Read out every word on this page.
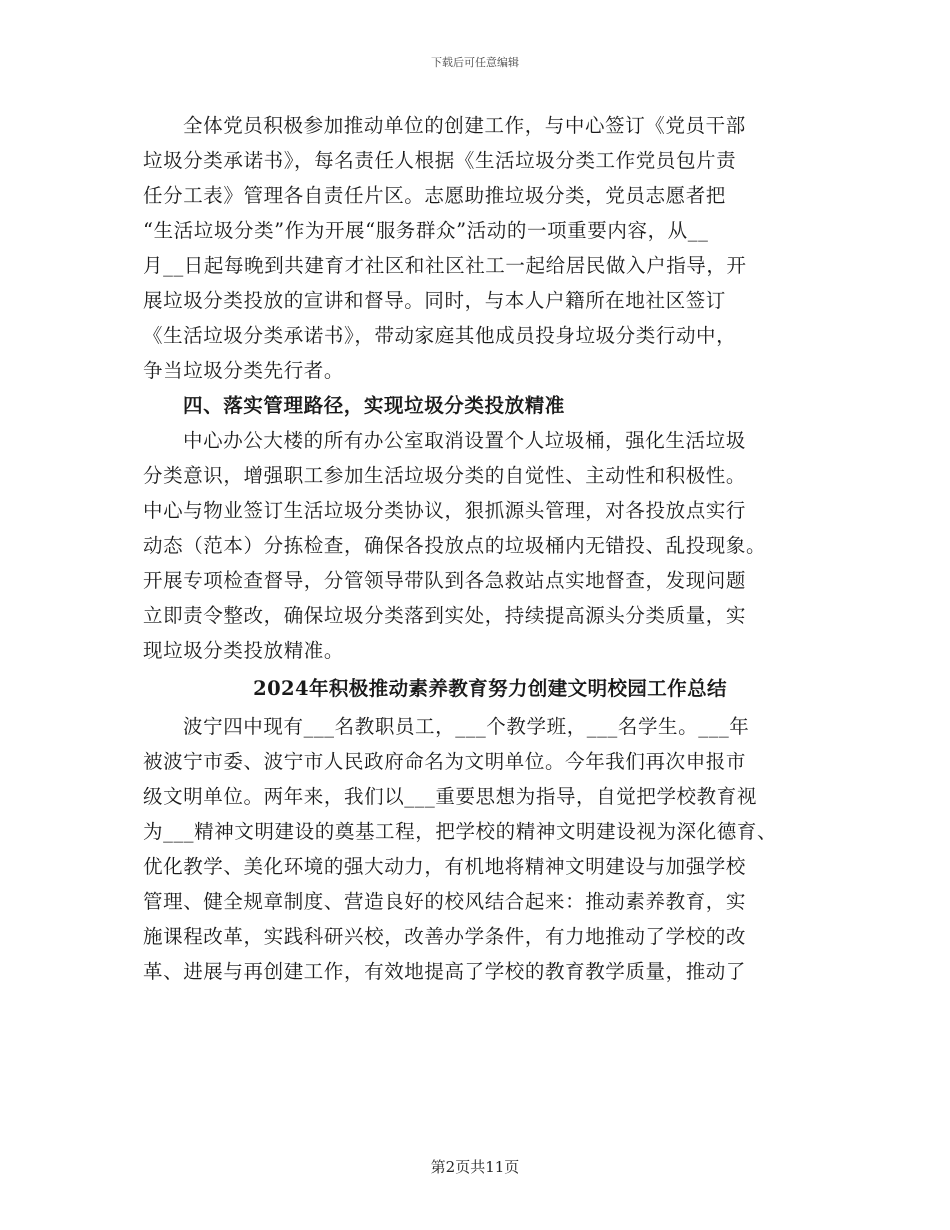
下载后可任意编辑
全体党员积极参加推动单位的创建工作，与中心签订《党员干部
垃圾分类承诺书》，每名责任人根据《生活垃圾分类工作党员包片责
任分工表》管理各自责任片区。志愿助推垃圾分类，党员志愿者把
“生活垃圾分类”作为开展“服务群众”活动的一项重要内容，从__
月__日起每晚到共建育才社区和社区社工一起给居民做入户指导，开
展垃圾分类投放的宣讲和督导。同时，与本人户籍所在地社区签订
《生活垃圾分类承诺书》，带动家庭其他成员投身垃圾分类行动中，
争当垃圾分类先行者。
四、落实管理路径，实现垃圾分类投放精准
中心办公大楼的所有办公室取消设置个人垃圾桶，强化生活垃圾
分类意识，增强职工参加生活垃圾分类的自觉性、主动性和积极性。
中心与物业签订生活垃圾分类协议，狠抓源头管理，对各投放点实行
动态（范本）分拣检查，确保各投放点的垃圾桶内无错投、乱投现象。
开展专项检查督导，分管领导带队到各急救站点实地督查，发现问题
立即责令整改，确保垃圾分类落到实处，持续提高源头分类质量，实
现垃圾分类投放精准。
2024年积极推动素养教育努力创建文明校园工作总结
波宁四中现有___名教职员工，___个教学班，___名学生。___年
被波宁市委、波宁市人民政府命名为文明单位。今年我们再次申报市
级文明单位。两年来，我们以___重要思想为指导，自觉把学校教育视
为___精神文明建设的奠基工程，把学校的精神文明建设视为深化德育、
优化教学、美化环境的强大动力，有机地将精神文明建设与加强学校
管理、健全规章制度、营造良好的校风结合起来：推动素养教育，实
施课程改革，实践科研兴校，改善办学条件，有力地推动了学校的改
革、进展与再创建工作，有效地提高了学校的教育教学质量，推动了
第2页共11页
